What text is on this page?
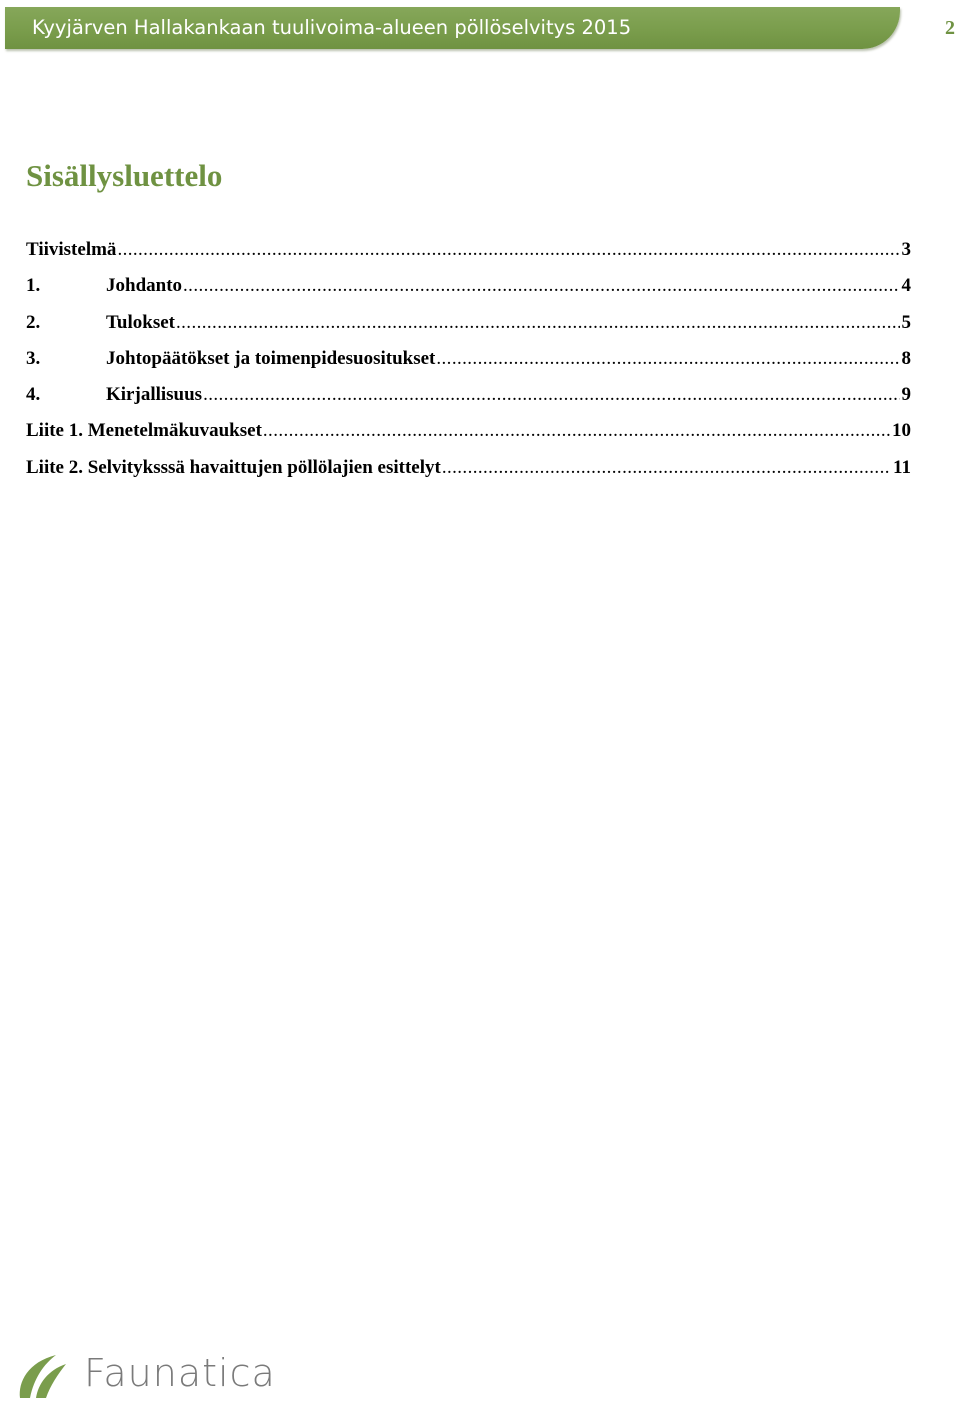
Kyyjärven Hallakankaan tuulivoima-alueen pöllöselvitys 2015	2
Sisällysluettelo
Tiivistelmä .....	3
1.	Johdanto .....	4
2.	Tulokset .....	5
3.	Johtopäätökset ja toimenpidesuositukset .....	8
4.	Kirjallisuus .....	9
Liite 1. Menetelmäkuvaukset .....	10
Liite 2. Selvityksssä havaittujen pöllölajien esittelyt .....	11
Faunatica
